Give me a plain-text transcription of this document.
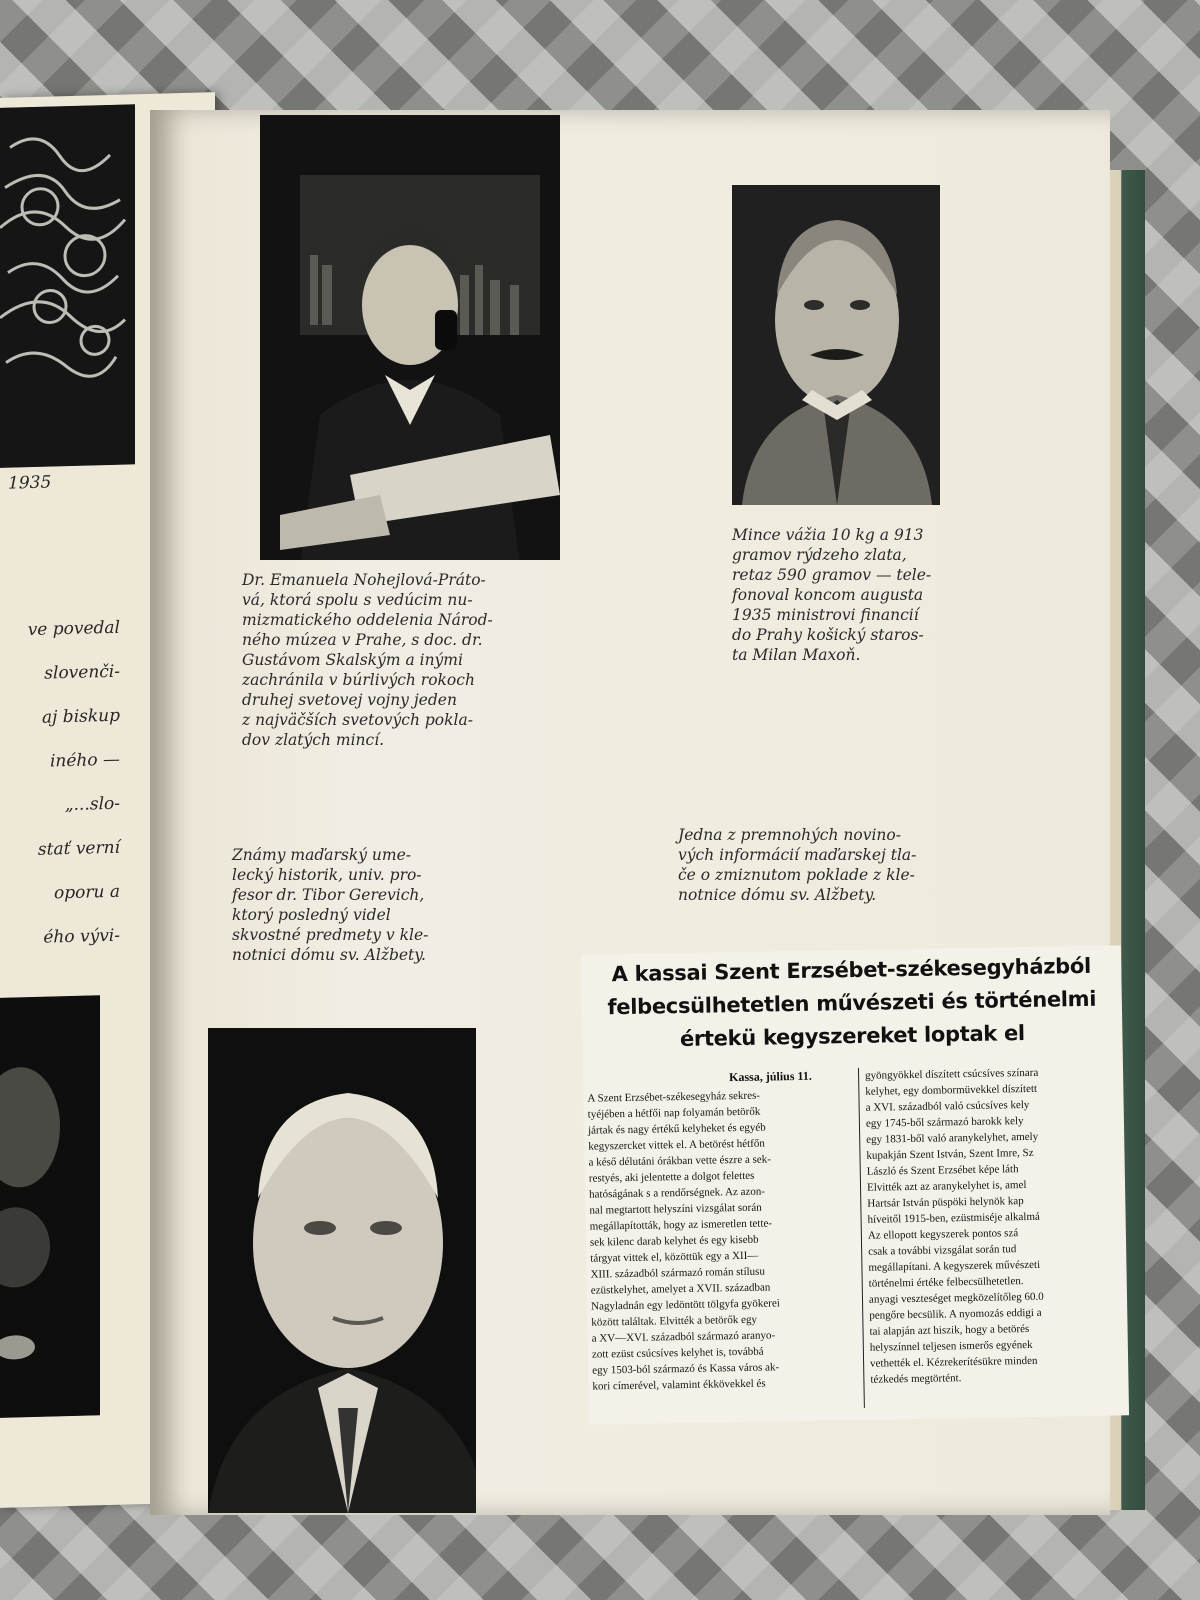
1935

ve povedal

slovenči-

aj biskup

iného —

„...slo-

stať verní

oporu a

ého vývi-

Dr. Emanuela Nohejlová-Práto-
vá, ktorá spolu s vedúcim nu-
mizmatického oddelenia Národ-
ného múzea v Prahe, s doc. dr.
Gustávom Skalským a inými
zachránila v búrlivých rokoch
druhej svetovej vojny jeden
z najväčších svetových pokla-
dov zlatých mincí.
Mince vážia 10 kg a 913
gramov rýdzeho zlata,
retaz 590 gramov — tele-
fonoval koncom augusta
1935 ministrovi financií
do Prahy košický staros-
ta Milan Maxoň.
Známy maďarský ume-
lecký historik, univ. pro-
fesor dr. Tibor Gerevich,
ktorý posledný videl
skvostné predmety v kle-
notnici dómu sv. Alžbety.
Jedna z premnohých novino-
vých informácií maďarskej tla-
če o zmiznutom poklade z kle-
notnice dómu sv. Alžbety.
A kassai Szent Erzsébet-székesegyházból
felbecsülhetetlen művészeti és történelmi
értekü kegyszereket loptak el
Kassa, július 11.
A Szent Erzsébet-székesegyház sekres-
tyéjében a hétfői nap folyamán betörők
jártak és nagy értékű kelyheket és egyéb
kegyszercket vittek el. A betörést hétfőn
a késő délutáni órákban vette észre a sek-
restyés, aki jelentette a dolgot felettes
hatóságának s a rendőrségnek. Az azon-
nal megtartott helyszíni vizsgálat során
megállapították, hogy az ismeretlen tette-
sek kilenc darab kelyhet és egy kisebb
tárgyat vittek el, közöttük egy a XII—
XIII. századból származó román stílusu
ezüstkelyhet, amelyet a XVII. században
Nagyladnán egy ledöntött tölgyfa gyökerei
között találtak. Elvitték a betörők egy
a XV—XVI. századból származó aranyo-
zott ezüst csúcsíves kelyhet is, továbbá
egy 1503-ból származó és Kassa város ak-
kori címerével, valamint ékkövekkel és
gyöngyökkel díszített csúcsíves színara
kelyhet, egy dombormüvekkel díszített
a XVI. századból való csúcsíves kely
egy 1745-ből származó barokk kely
egy 1831-ből való aranykelyhet, amely
kupakján Szent István, Szent Imre, Sz
László és Szent Erzsébet képe láth
Elvitték azt az aranykelyhet is, amel
Hartsár István püspöki helynök kap
híveitől 1915-ben, ezüstmiséje alkalmá
Az ellopott kegyszerek pontos szá
csak a további vizsgálat során tud
megállapítani. A kegyszerek művészeti
történelmi értéke felbecsülhetetlen.
anyagi veszteséget megközelítőleg 60.0
pengőre becsülik. A nyomozás eddigi a
tai alapján azt hiszik, hogy a betörés
helyszínnel teljesen ismerős egyének
vethették el. Kézrekerítésükre minden
tézkedés megtörtént.
